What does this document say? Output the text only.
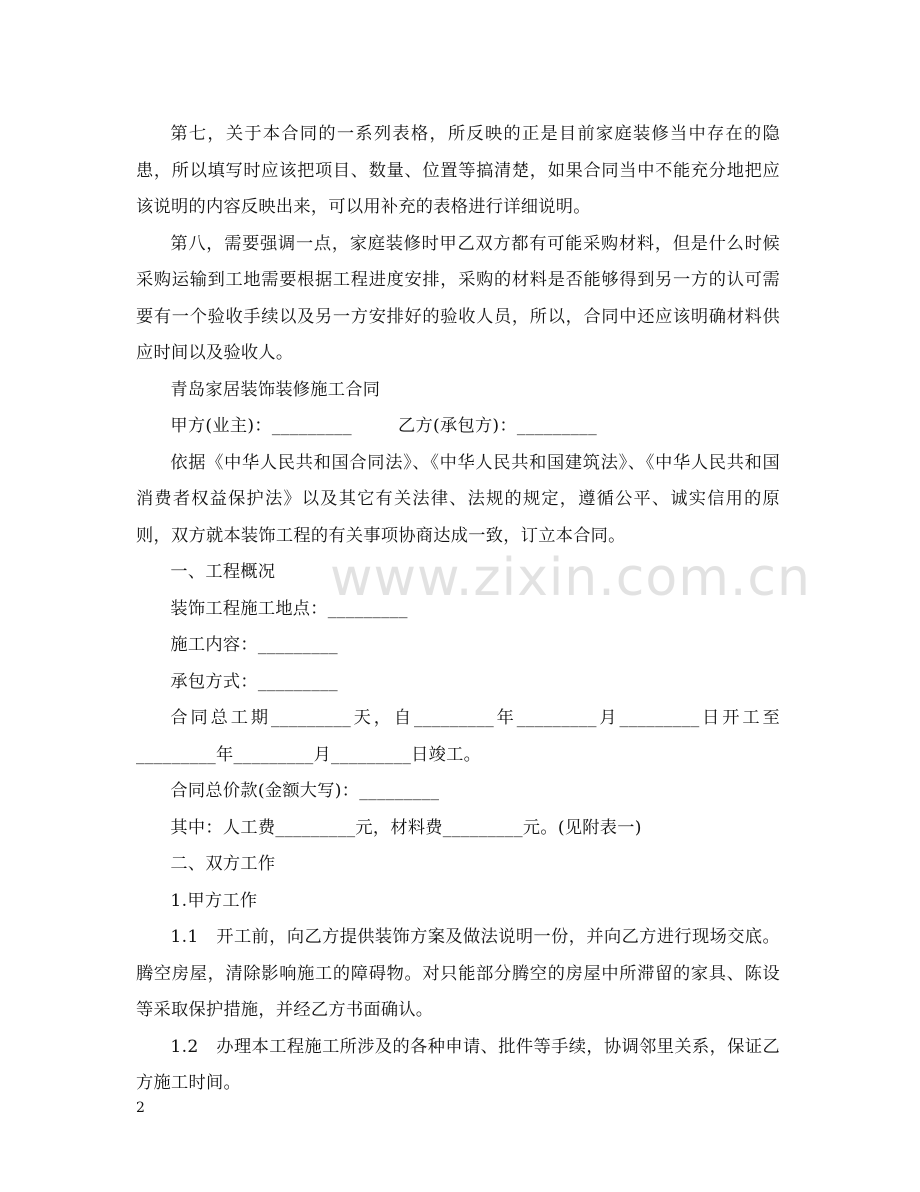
第七，关于本合同的一系列表格，所反映的正是目前家庭装修当中存在的隐患，所以填写时应该把项目、数量、位置等搞清楚，如果合同当中不能充分地把应该说明的内容反映出来，可以用补充的表格进行详细说明。

第八，需要强调一点，家庭装修时甲乙双方都有可能采购材料，但是什么时候采购运输到工地需要根据工程进度安排，采购的材料是否能够得到另一方的认可需要有一个验收手续以及另一方安排好的验收人员，所以，合同中还应该明确材料供应时间以及验收人。

青岛家居装饰装修施工合同

甲方(业主)：_________        乙方(承包方)：_________

依据《中华人民共和国合同法》、《中华人民共和国建筑法》、《中华人民共和国消费者权益保护法》以及其它有关法律、法规的规定，遵循公平、诚实信用的原则，双方就本装饰工程的有关事项协商达成一致，订立本合同。

一、工程概况

装饰工程施工地点：_________

施工内容：_________

承包方式：_________

合同总工期_________天，自_________年_________月_________日开工至_________年_________月_________日竣工。

合同总价款(金额大写)：_________

其中：人工费_________元，材料费_________元。(见附表一)

二、双方工作

1.甲方工作

1.1　开工前，向乙方提供装饰方案及做法说明一份，并向乙方进行现场交底。腾空房屋，清除影响施工的障碍物。对只能部分腾空的房屋中所滞留的家具、陈设等采取保护措施，并经乙方书面确认。

1.2　办理本工程施工所涉及的各种申请、批件等手续，协调邻里关系，保证乙方施工时间。

www.zixin.com.cn
2
